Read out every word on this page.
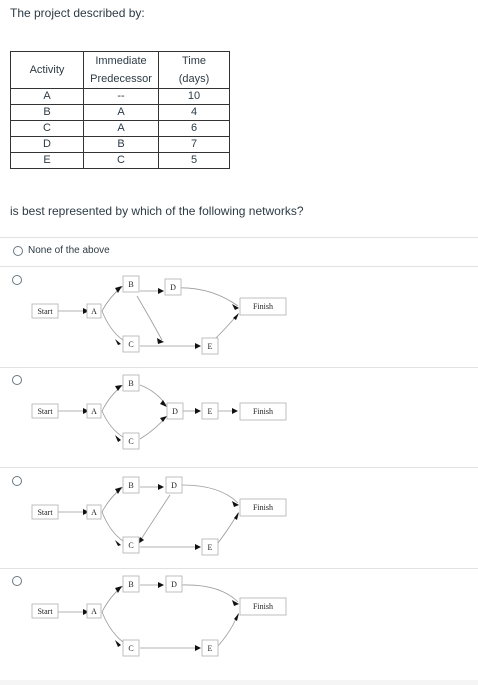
The project described by:

Activity	Immediate Predecessor	Time (days)
A	--	10
B	A	4
C	A	6
D	B	7
E	C	5

is best represented by which of the following networks?

None of the above
Start	A
B
C
D
E
Finish
Start	A
B
C
D	E	Finish
Start	A
B
C
D
E
Finish
Start	A
B
C
D
E
Finish
